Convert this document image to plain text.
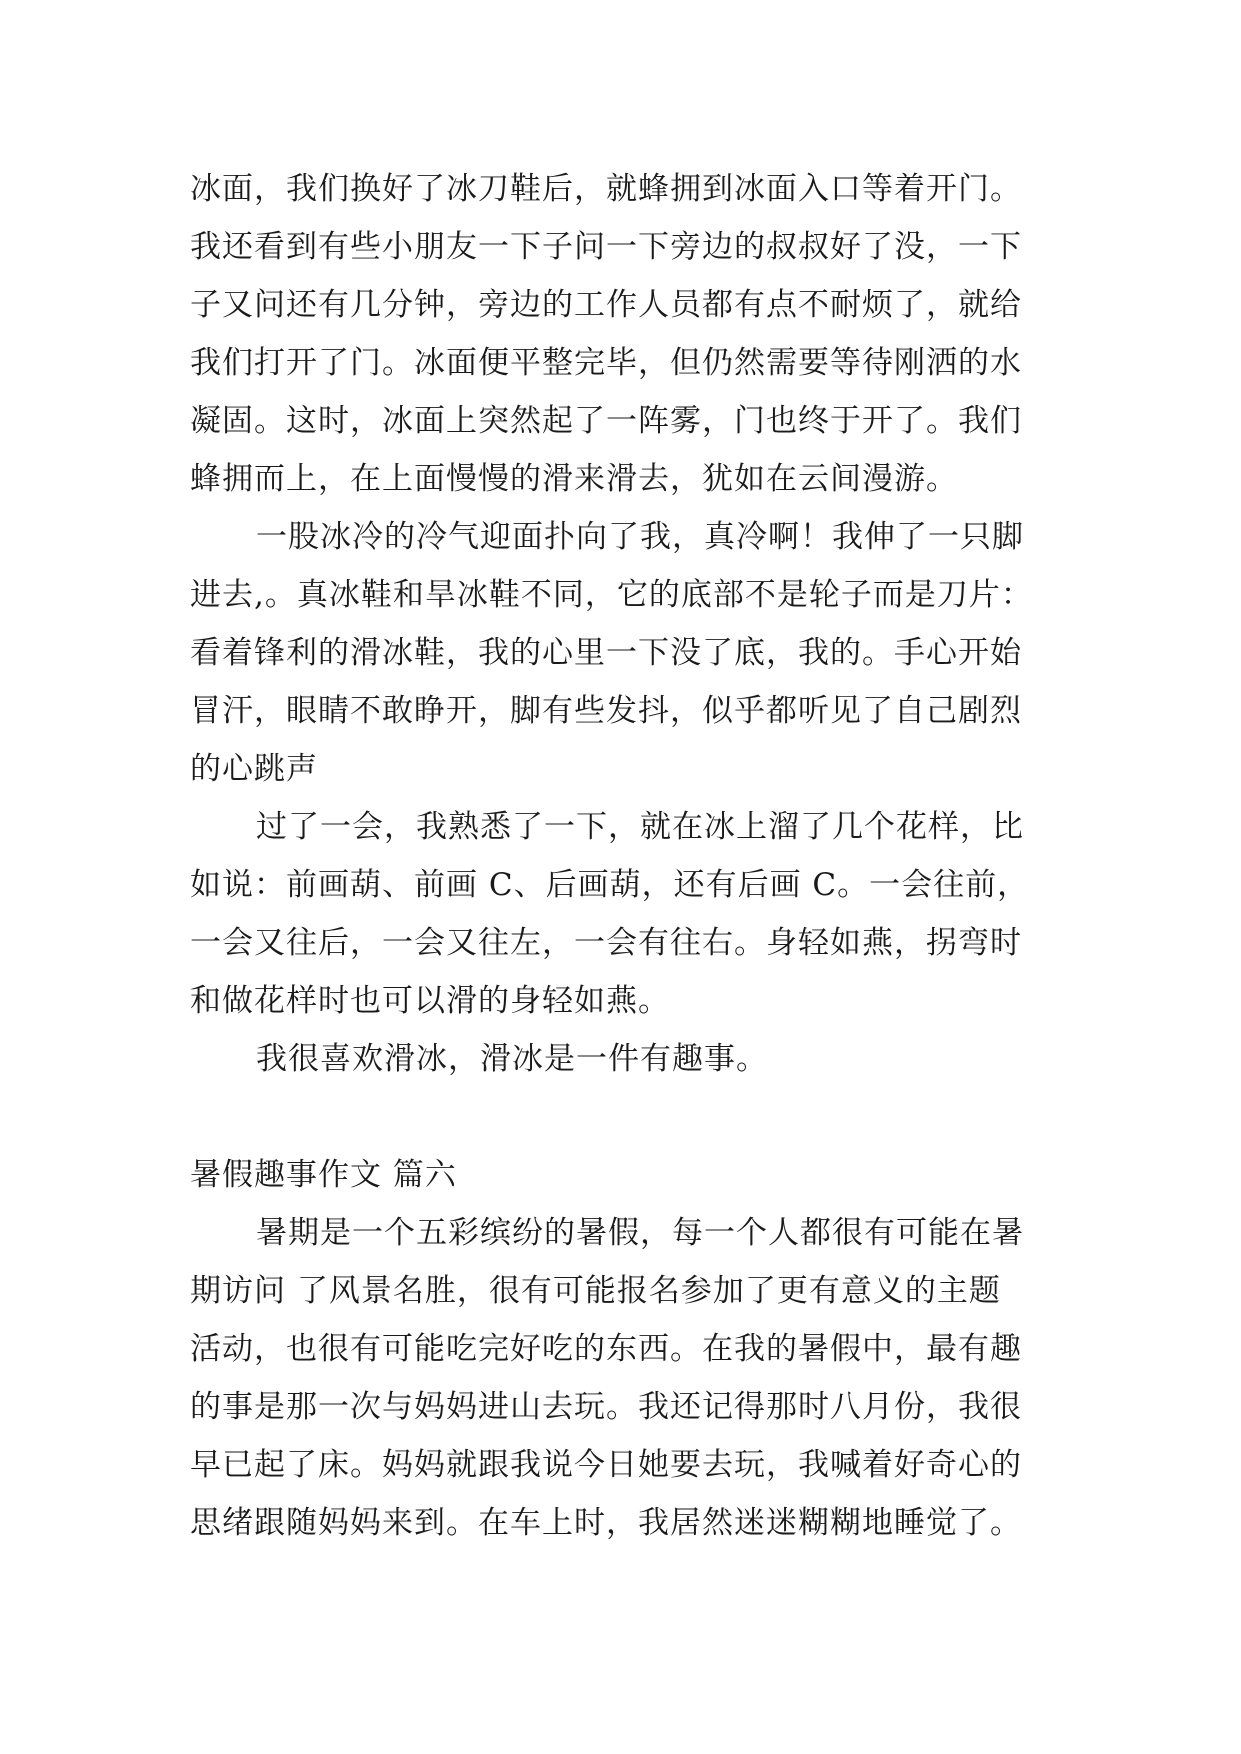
冰面，我们换好了冰刀鞋后，就蜂拥到冰面入口等着开门。
我还看到有些小朋友一下子问一下旁边的叔叔好了没，一下
子又问还有几分钟，旁边的工作人员都有点不耐烦了，就给
我们打开了门。冰面便平整完毕，但仍然需要等待刚洒的水
凝固。这时，冰面上突然起了一阵雾，门也终于开了。我们
蜂拥而上，在上面慢慢的滑来滑去，犹如在云间漫游。
一股冰冷的冷气迎面扑向了我，真冷啊！我伸了一只脚
进去,。真冰鞋和旱冰鞋不同，它的底部不是轮子而是刀片：
看着锋利的滑冰鞋，我的心里一下没了底，我的。手心开始
冒汗，眼睛不敢睁开，脚有些发抖，似乎都听见了自己剧烈
的心跳声
过了一会，我熟悉了一下，就在冰上溜了几个花样，比
如说：前画葫、前画 C、后画葫，还有后画 C。一会往前，
一会又往后，一会又往左，一会有往右。身轻如燕，拐弯时
和做花样时也可以滑的身轻如燕。
我很喜欢滑冰，滑冰是一件有趣事。
暑假趣事作文 篇六
暑期是一个五彩缤纷的暑假，每一个人都很有可能在暑
期访问 了风景名胜，很有可能报名参加了更有意义的主题
活动，也很有可能吃完好吃的东西。在我的暑假中，最有趣
的事是那一次与妈妈进山去玩。我还记得那时八月份，我很
早已起了床。妈妈就跟我说今日她要去玩，我喊着好奇心的
思绪跟随妈妈来到。在车上时，我居然迷迷糊糊地睡觉了。
